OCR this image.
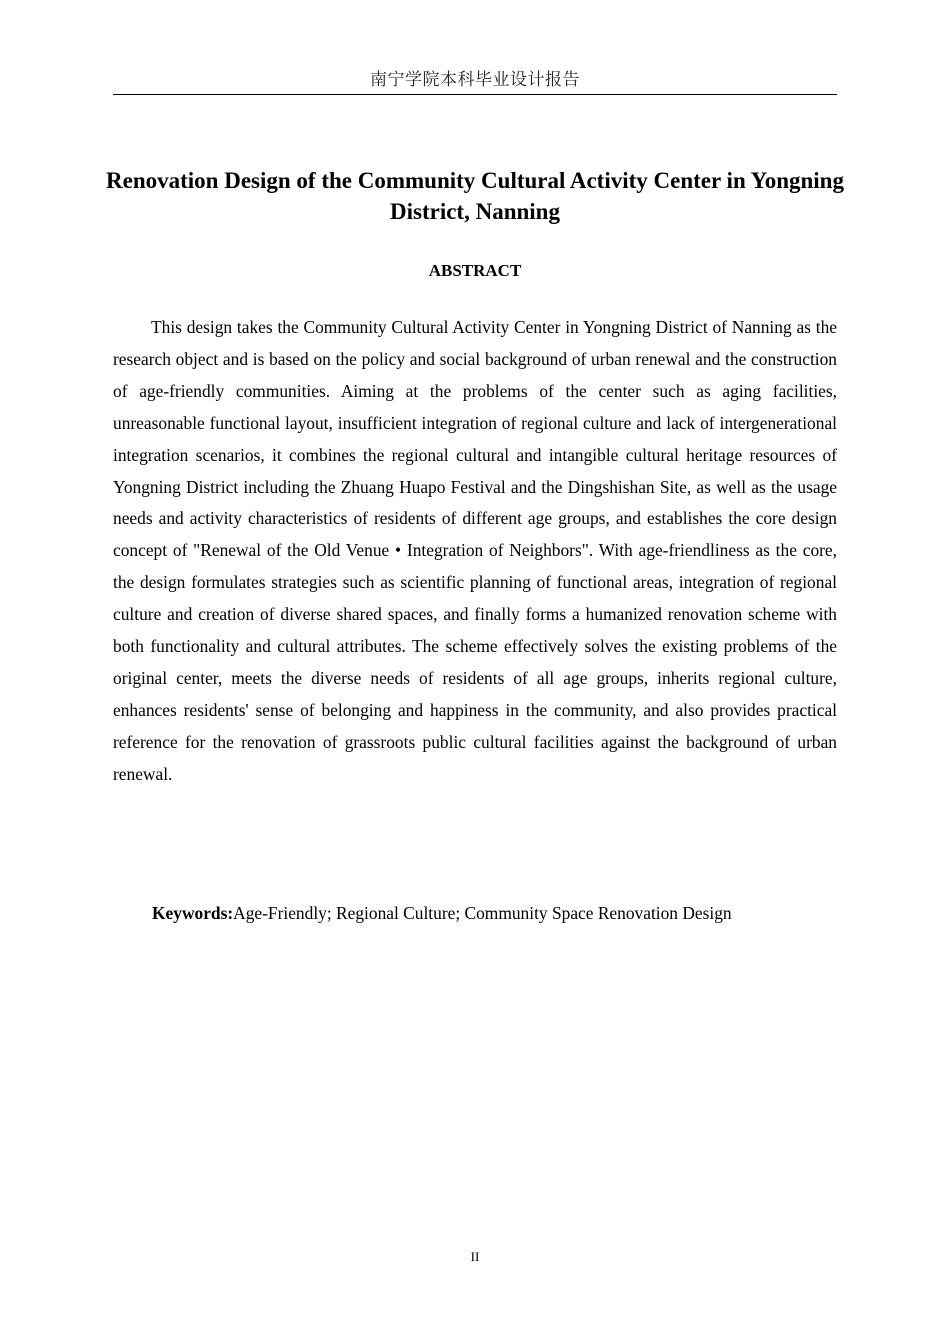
南宁学院本科毕业设计报告
Renovation Design of the Community Cultural Activity Center in Yongning District, Nanning
ABSTRACT

This design takes the Community Cultural Activity Center in Yongning District of Nanning as the research object and is based on the policy and social background of urban renewal and the construction of age-friendly communities. Aiming at the problems of the center such as aging facilities, unreasonable functional layout, insufficient integration of regional culture and lack of intergenerational integration scenarios, it combines the regional cultural and intangible cultural heritage resources of Yongning District including the Zhuang Huapo Festival and the Dingshishan Site, as well as the usage needs and activity characteristics of residents of different age groups, and establishes the core design concept of "Renewal of the Old Venue • Integration of Neighbors". With age-friendliness as the core, the design formulates strategies such as scientific planning of functional areas, integration of regional culture and creation of diverse shared spaces, and finally forms a humanized renovation scheme with both functionality and cultural attributes. The scheme effectively solves the existing problems of the original center, meets the diverse needs of residents of all age groups, inherits regional culture, enhances residents' sense of belonging and happiness in the community, and also provides practical reference for the renovation of grassroots public cultural facilities against the background of urban renewal.

Keywords:Age-Friendly; Regional Culture; Community Space Renovation Design
II
